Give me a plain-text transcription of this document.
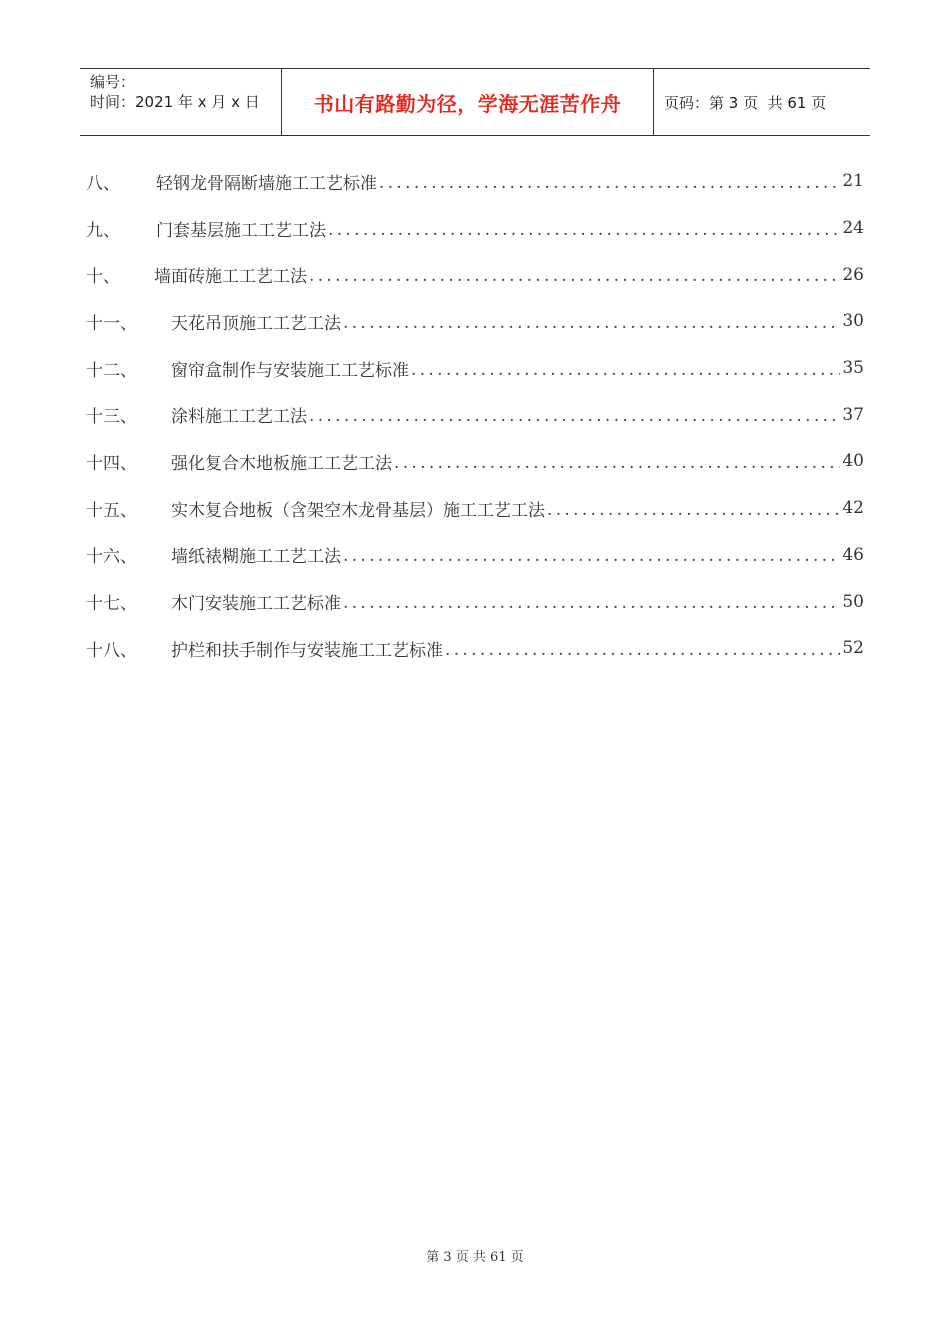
编号：
时间：2021 年 x 月 x 日	书山有路勤为径，学海无涯苦作舟	页码：第 3 页  共 61 页
八、	轻钢龙骨隔断墙施工工艺标准 .....	21
九、	门套基层施工工艺工法 .....	24
十、	墙面砖施工工艺工法 .....	26
十一、	天花吊顶施工工艺工法 .....	30
十二、	窗帘盒制作与安装施工工艺标准 .....	35
十三、	涂料施工工艺工法 .....	37
十四、	强化复合木地板施工工艺工法 .....	40
十五、	实木复合地板（含架空木龙骨基层）施工工艺工法 .....	42
十六、	墙纸裱糊施工工艺工法 .....	46
十七、	木门安装施工工艺标准 .....	50
十八、	护栏和扶手制作与安装施工工艺标准 .....	52
第 3 页 共 61 页
